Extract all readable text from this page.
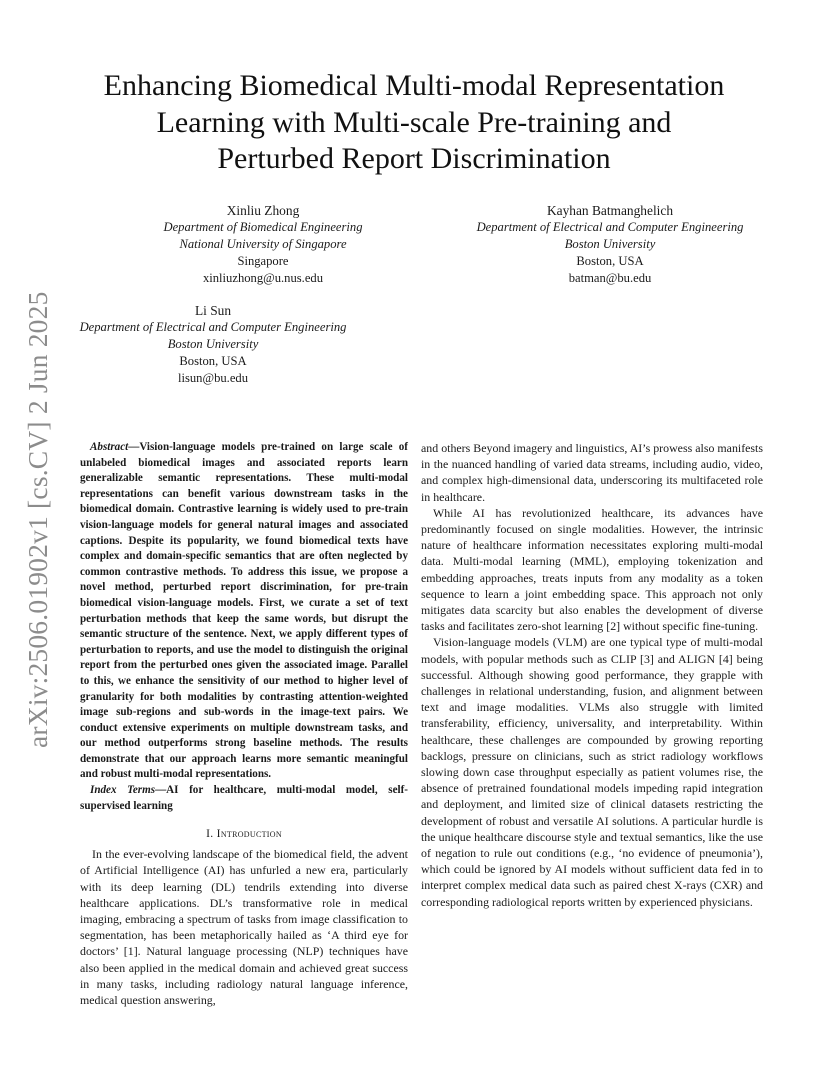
arXiv:2506.01902v1 [cs.CV] 2 Jun 2025
Enhancing Biomedical Multi-modal Representation
Learning with Multi-scale Pre-training and
Perturbed Report Discrimination
Xinliu Zhong
Department of Biomedical Engineering
National University of Singapore
Singapore
xinliuzhong@u.nus.edu
Kayhan Batmanghelich
Department of Electrical and Computer Engineering
Boston University
Boston, USA
batman@bu.edu
Li Sun
Department of Electrical and Computer Engineering
Boston University
Boston, USA
lisun@bu.edu

Abstract—Vision-language models pre-trained on large scale of unlabeled biomedical images and associated reports learn generalizable semantic representations. These multi-modal representations can benefit various downstream tasks in the biomedical domain. Contrastive learning is widely used to pre-train vision-language models for general natural images and associated captions. Despite its popularity, we found biomedical texts have complex and domain-specific semantics that are often neglected by common contrastive methods. To address this issue, we propose a novel method, perturbed report discrimination, for pre-train biomedical vision-language models. First, we curate a set of text perturbation methods that keep the same words, but disrupt the semantic structure of the sentence. Next, we apply different types of perturbation to reports, and use the model to distinguish the original report from the perturbed ones given the associated image. Parallel to this, we enhance the sensitivity of our method to higher level of granularity for both modalities by contrasting attention-weighted image sub-regions and sub-words in the image-text pairs. We conduct extensive experiments on multiple downstream tasks, and our method outperforms strong baseline methods. The results demonstrate that our approach learns more semantic meaningful and robust multi-modal representations.

Index Terms—AI for healthcare, multi-modal model, self-supervised learning

I. Introduction

In the ever-evolving landscape of the biomedical field, the advent of Artificial Intelligence (AI) has unfurled a new era, particularly with its deep learning (DL) tendrils extending into diverse healthcare applications. DL’s transformative role in medical imaging, embracing a spectrum of tasks from image classification to segmentation, has been metaphorically hailed as ‘A third eye for doctors’ [1]. Natural language processing (NLP) techniques have also been applied in the medical domain and achieved great success in many tasks, including radiology natural language inference, medical question answering,

and others Beyond imagery and linguistics, AI’s prowess also manifests in the nuanced handling of varied data streams, including audio, video, and complex high-dimensional data, underscoring its multifaceted role in healthcare.

While AI has revolutionized healthcare, its advances have predominantly focused on single modalities. However, the intrinsic nature of healthcare information necessitates exploring multi-modal data. Multi-modal learning (MML), employing tokenization and embedding approaches, treats inputs from any modality as a token sequence to learn a joint embedding space. This approach not only mitigates data scarcity but also enables the development of diverse tasks and facilitates zero-shot learning [2] without specific fine-tuning.

Vision-language models (VLM) are one typical type of multi-modal models, with popular methods such as CLIP [3] and ALIGN [4] being successful. Although showing good performance, they grapple with challenges in relational understanding, fusion, and alignment between text and image modalities. VLMs also struggle with limited transferability, efficiency, universality, and interpretability. Within healthcare, these challenges are compounded by growing reporting backlogs, pressure on clinicians, such as strict radiology workflows slowing down case throughput especially as patient volumes rise, the absence of pretrained foundational models impeding rapid integration and deployment, and limited size of clinical datasets restricting the development of robust and versatile AI solutions. A particular hurdle is the unique healthcare discourse style and textual semantics, like the use of negation to rule out conditions (e.g., ‘no evidence of pneumonia’), which could be ignored by AI models without sufficient data fed in to interpret complex medical data such as paired chest X-rays (CXR) and corresponding radiological reports written by experienced physicians.
